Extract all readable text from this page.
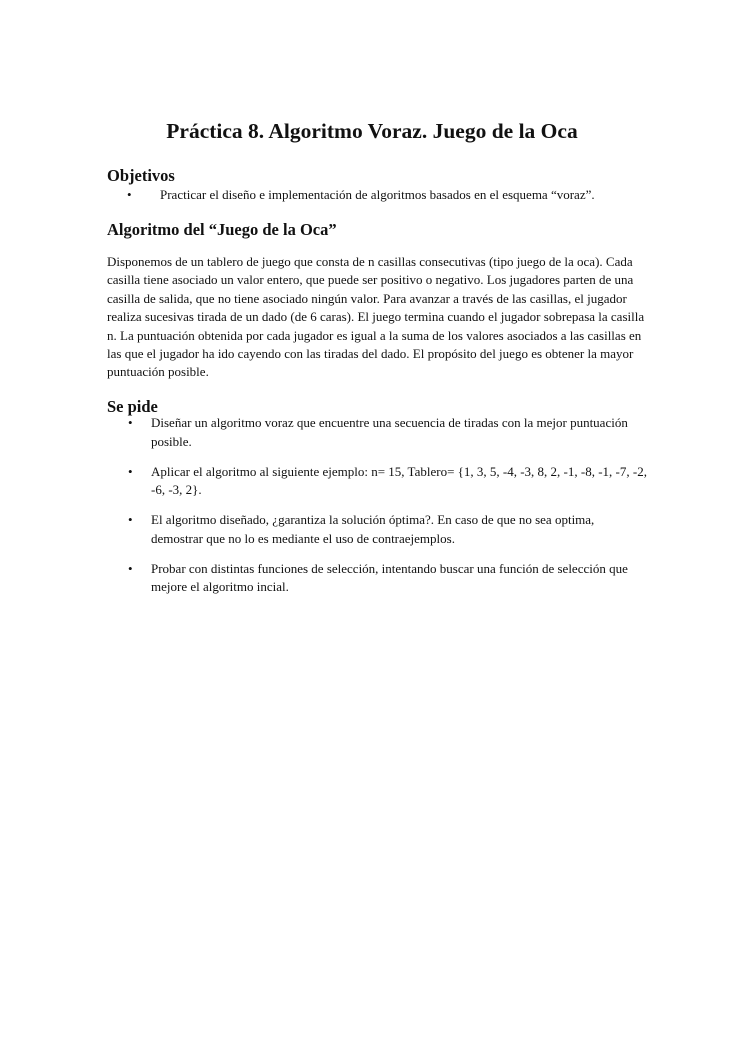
Práctica 8. Algoritmo Voraz. Juego de la Oca
Objetivos
• Practicar el diseño e implementación de algoritmos basados en el esquema “voraz”.
Algoritmo del “Juego de la Oca”

Disponemos de un tablero de juego que consta de n casillas consecutivas (tipo juego de la oca). Cada casilla tiene asociado un valor entero, que puede ser positivo o negativo. Los jugadores parten de una casilla de salida, que no tiene asociado ningún valor. Para avanzar a través de las casillas, el jugador realiza sucesivas tirada de un dado (de 6 caras). El juego termina cuando el jugador sobrepasa la casilla n. La puntuación obtenida por cada jugador es igual a la suma de los valores asociados a las casillas en las que el jugador ha ido cayendo con las tiradas del dado. El propósito del juego es obtener la mayor puntuación posible.

Se pide
• Diseñar un algoritmo voraz que encuentre una secuencia de tiradas con la mejor puntuación posible.
• Aplicar el algoritmo al siguiente ejemplo: n= 15, Tablero= {1, 3, 5, -4, -3, 8, 2, -1, -8, -1, -7, -2, -6, -3, 2}.
• El algoritmo diseñado, ¿garantiza la solución óptima?. En caso de que no sea optima, demostrar que no lo es mediante el uso de contraejemplos.
• Probar con distintas funciones de selección, intentando buscar una función de selección que mejore el algoritmo incial.
